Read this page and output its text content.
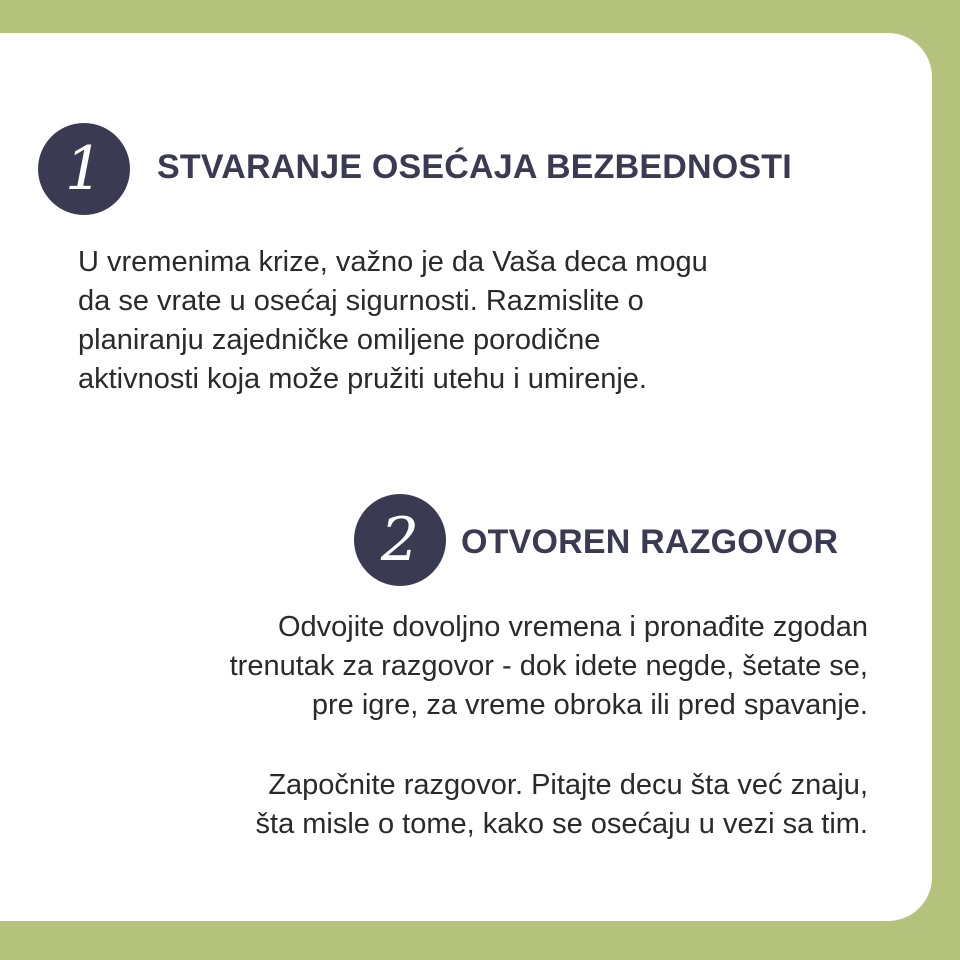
1	STVARANJE OSEĆAJA BEZBEDNOSTI

U vremenima krize, važno je da Vaša deca mogu
da se vrate u osećaj sigurnosti. Razmislite o
planiranju zajedničke omiljene porodične
aktivnosti koja može pružiti utehu i umirenje.

2	OTVOREN RAZGOVOR

Odvojite dovoljno vremena i pronađite zgodan
trenutak za razgovor - dok idete negde, šetate se,
pre igre, za vreme obroka ili pred spavanje.

Započnite razgovor. Pitajte decu šta već znaju,
šta misle o tome, kako se osećaju u vezi sa tim.
